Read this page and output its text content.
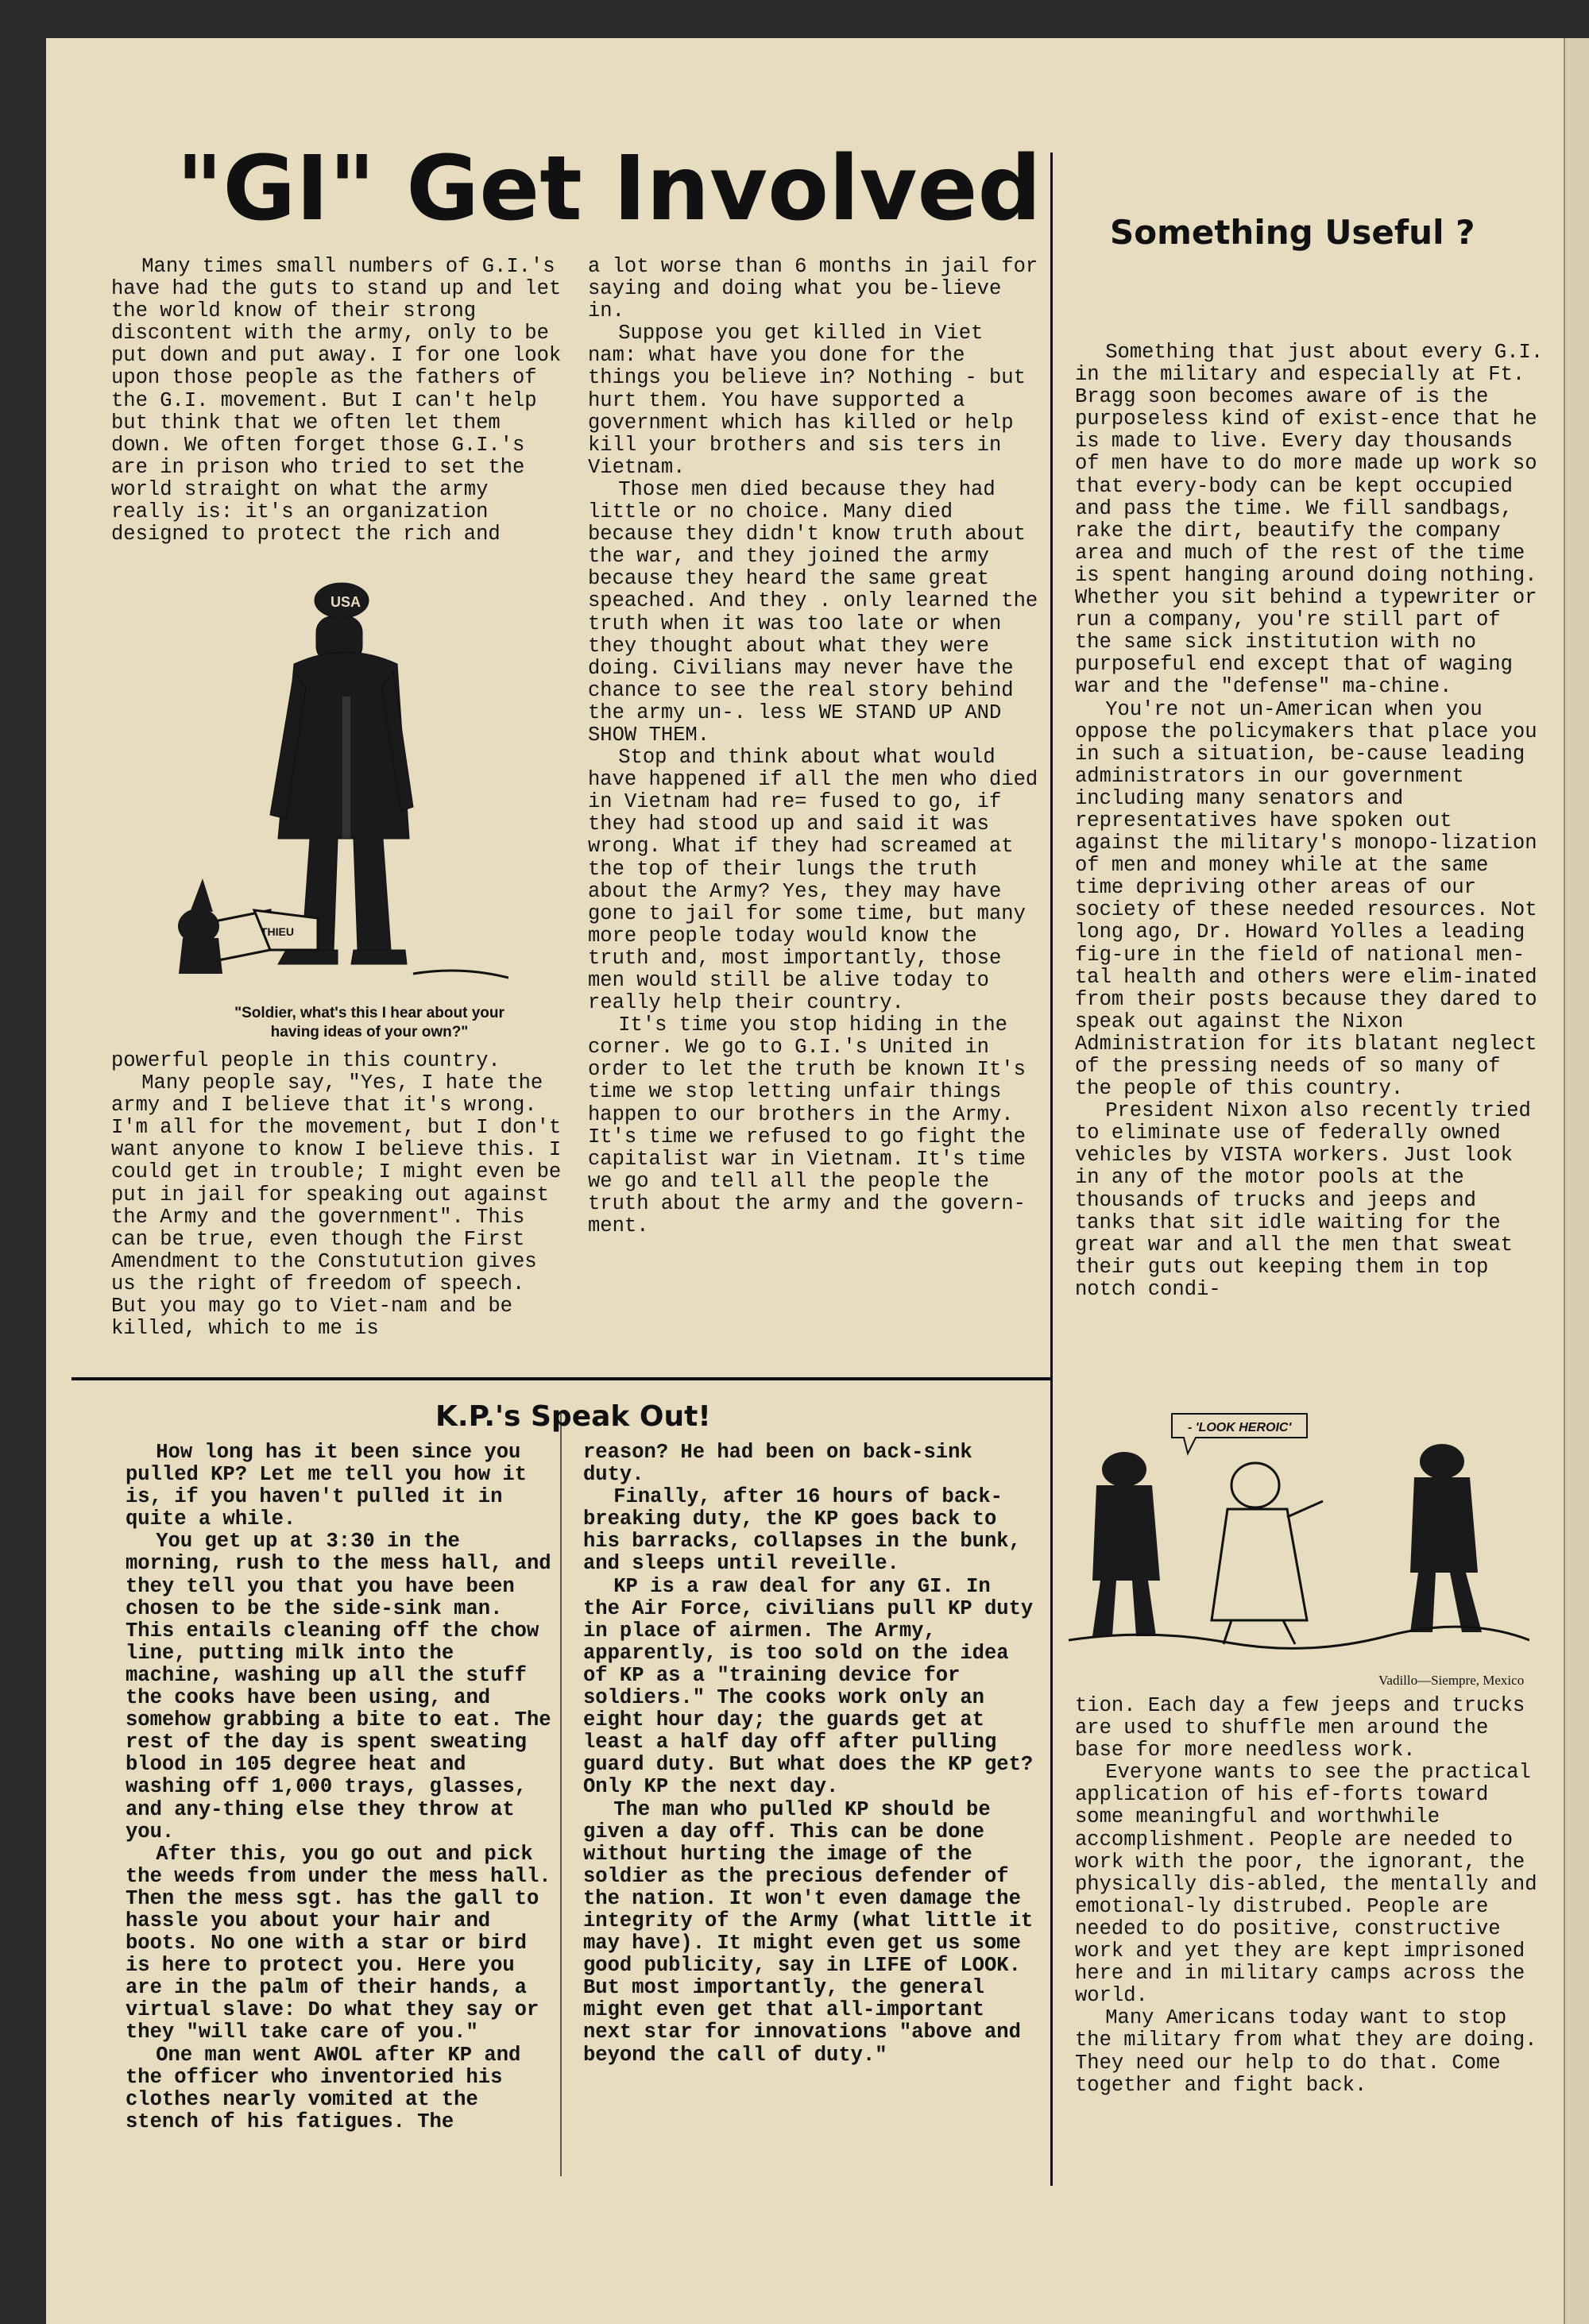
"GI" Get Involved

Many times small numbers of G.I.'s have had the guts to stand up and let the world know of their strong discontent with the army, only to be put down and put away. I for one look upon those people as the fathers of the G.I. movement. But I can't help but think that we often let them down. We often forget those G.I.'s are in prison who tried to set the world straight on what the army really is: it's an organization designed to protect the rich and

USA
THIEU
"Soldier, what's this I hear about your having ideas of your own?"

powerful people in this country.

Many people say, "Yes, I hate the army and I believe that it's wrong. I'm all for the movement, but I don't want anyone to know I believe this. I could get in trouble; I might even be put in jail for speaking out against the Army and the government". This can be true, even though the First Amendment to the Constutution gives us the right of freedom of speech. But you may go to Viet-nam and be killed, which to me is

a lot worse than 6 months in jail for saying and doing what you be-lieve in.

Suppose you get killed in Viet nam: what have you done for the things you believe in? Nothing - but hurt them. You have supported a government which has killed or help kill your brothers and sis ters in Vietnam.

Those men died because they had little or no choice. Many died because they didn't know truth about the war, and they joined the army because they heard the same great speached. And they . only learned the truth when it was too late or when they thought about what they were doing. Civilians may never have the chance to see the real story behind the army un-. less WE STAND UP AND SHOW THEM.

Stop and think about what would have happened if all the men who died in Vietnam had re= fused to go, if they had stood up and said it was wrong. What if they had screamed at the top of their lungs the truth about the Army? Yes, they may have gone to jail for some time, but many more people today would know the truth and, most importantly, those men would still be alive today to really help their country.

It's time you stop hiding in the corner. We go to G.I.'s United in order to let the truth be known It's time we stop letting unfair things happen to our brothers in the Army. It's time we refused to go fight the capitalist war in Vietnam. It's time we go and tell all the people the truth about the army and the govern-ment.

Something Useful ?

Something that just about every G.I. in the military and especially at Ft. Bragg soon becomes aware of is the purposeless kind of exist-ence that he is made to live. Every day thousands of men have to do more made up work so that every-body can be kept occupied and pass the time. We fill sandbags, rake the dirt, beautify the company area and much of the rest of the time is spent hanging around doing nothing. Whether you sit behind a typewriter or run a company, you're still part of the same sick institution with no purposeful end except that of waging war and the "defense" ma-chine.

You're not un-American when you oppose the policymakers that place you in such a situation, be-cause leading administrators in our government including many senators and representatives have spoken out against the military's monopo-lization of men and money while at the same time depriving other areas of our society of these needed resources. Not long ago, Dr. Howard Yolles a leading fig-ure in the field of national men-tal health and others were elim-inated from their posts because they dared to speak out against the Nixon Administration for its blatant neglect of the pressing needs of so many of the people of this country.

President Nixon also recently tried to eliminate use of federally owned vehicles by VISTA workers. Just look in any of the motor pools at the thousands of trucks and jeeps and tanks that sit idle waiting for the great war and all the men that sweat their guts out keeping them in top notch condi-

- 'LOOK HEROIC'
Vadillo—Siempre, Mexico

tion. Each day a few jeeps and trucks are used to shuffle men around the base for more needless work.

Everyone wants to see the practical application of his ef-forts toward some meaningful and worthwhile accomplishment. People are needed to work with the poor, the ignorant, the physically dis-abled, the mentally and emotional-ly distrubed. People are needed to do positive, constructive work and yet they are kept imprisoned here and in military camps across the world.

Many Americans today want to stop the military from what they are doing. They need our help to do that. Come together and fight back.

K.P.'s Speak Out!

How long has it been since you pulled KP? Let me tell you how it is, if you haven't pulled it in quite a while.

You get up at 3:30 in the morning, rush to the mess hall, and they tell you that you have been chosen to be the side-sink man. This entails cleaning off the chow line, putting milk into the machine, washing up all the stuff the cooks have been using, and somehow grabbing a bite to eat. The rest of the day is spent sweating blood in 105 degree heat and washing off 1,000 trays, glasses, and any-thing else they throw at you.

After this, you go out and pick the weeds from under the mess hall. Then the mess sgt. has the gall to hassle you about your hair and boots. No one with a star or bird is here to protect you. Here you are in the palm of their hands, a virtual slave: Do what they say or they "will take care of you."

One man went AWOL after KP and the officer who inventoried his clothes nearly vomited at the stench of his fatigues. The

reason? He had been on back-sink duty.

Finally, after 16 hours of back-breaking duty, the KP goes back to his barracks, collapses in the bunk, and sleeps until reveille.

KP is a raw deal for any GI. In the Air Force, civilians pull KP duty in place of airmen. The Army, apparently, is too sold on the idea of KP as a "training device for soldiers." The cooks work only an eight hour day; the guards get at least a half day off after pulling guard duty. But what does the KP get? Only KP the next day.

The man who pulled KP should be given a day off. This can be done without hurting the image of the soldier as the precious defender of the nation. It won't even damage the integrity of the Army (what little it may have). It might even get us some good publicity, say in LIFE of LOOK. But most importantly, the general might even get that all-important next star for innovations "above and beyond the call of duty."
